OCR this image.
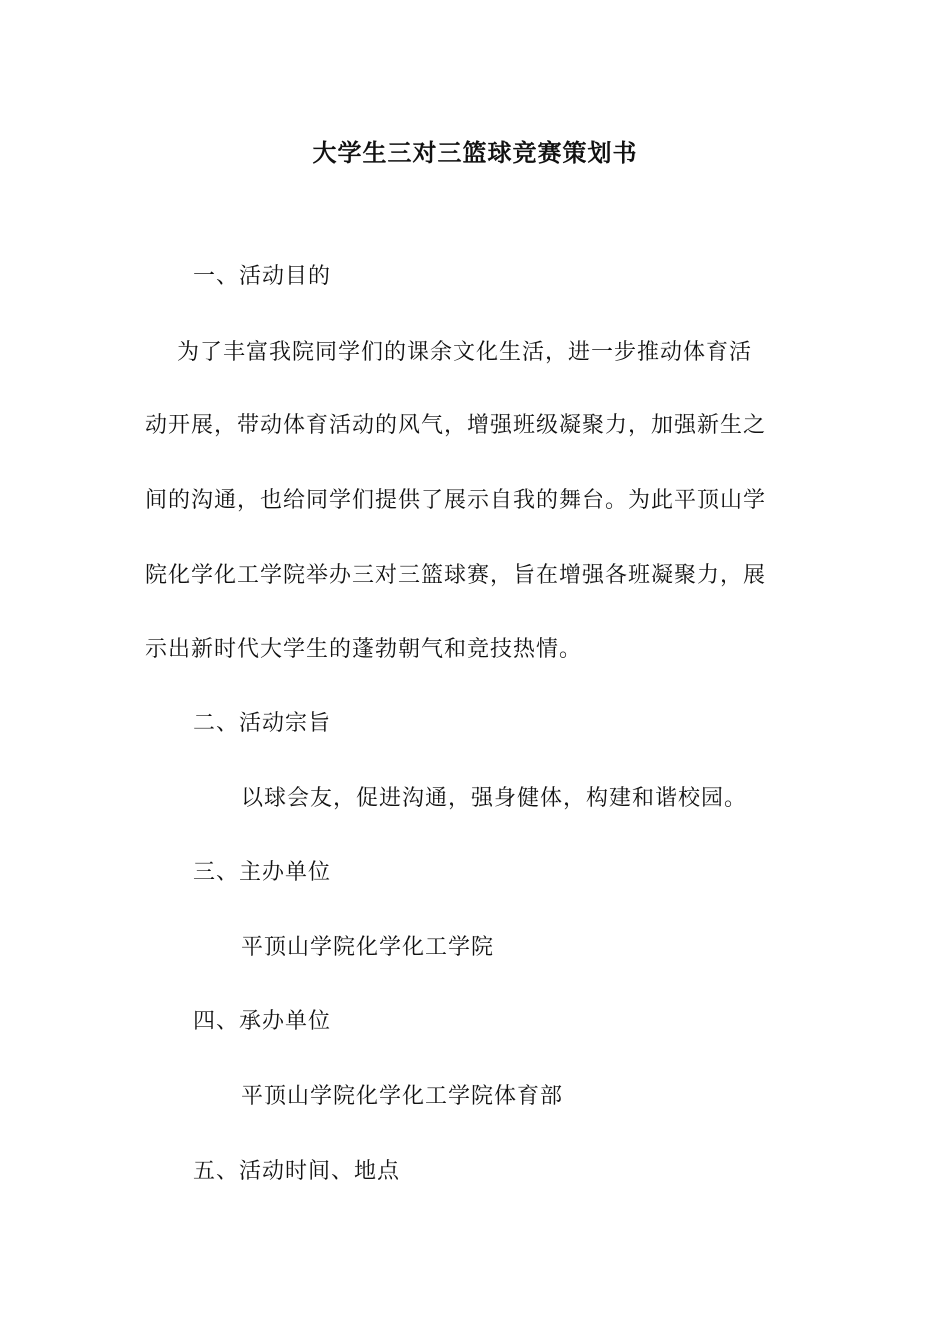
大学生三对三篮球竞赛策划书
一、活动目的
为了丰富我院同学们的课余文化生活，进一步推动体育活
动开展，带动体育活动的风气，增强班级凝聚力，加强新生之
间的沟通，也给同学们提供了展示自我的舞台。为此平顶山学
院化学化工学院举办三对三篮球赛，旨在增强各班凝聚力，展
示出新时代大学生的蓬勃朝气和竞技热情。
二、活动宗旨
以球会友，促进沟通，强身健体，构建和谐校园。
三、主办单位
平顶山学院化学化工学院
四、承办单位
平顶山学院化学化工学院体育部
五、活动时间、地点
